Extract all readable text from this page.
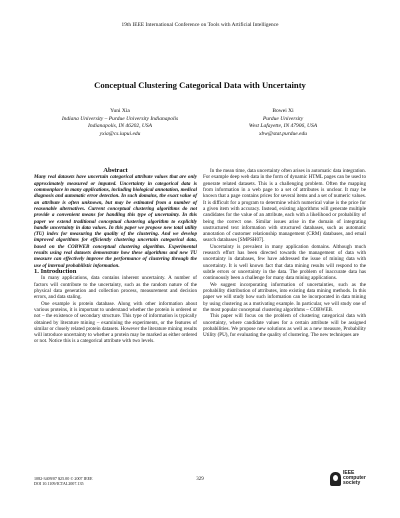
19th IEEE International Conference on Tools with Artificial Intelligence
Conceptual Clustering Categorical Data with Uncertainty
Yuni Xia
Indiana University – Purdue University Indianapolis
Indianapolis, IN 46202, USA
yxia@cs.iupui.edu
Bowei Xi
Purdue University
West Lafayette, IN 47906, USA
xbw@stat.purdue.edu

Abstract

Many real datasets have uncertain categorical attribute values that are only approximately measured or imputed. Uncertainty in categorical data is commonplace in many applications, including biological annotation, medical diagnosis and automatic error detection. In such domains, the exact value of an attribute is often unknown, but may be estimated from a number of reasonable alternatives. Current conceptual clustering algorithms do not provide a convenient means for handling this type of uncertainty. In this paper we extend traditional conceptual clustering algorithm to explicitly handle uncertainty in data values. In this paper we propose new total utility (TU) index for measuring the quality of the clustering. And we develop improved algorithms for efficiently clustering uncertain categorical data, based on the COBWEB conceptual clustering algorithm. Experimental results using real datasets demonstrate how these algorithms and new TU measure can effectively improve the performance of clustering through the use of internal probabilistic information.

1. Introduction

In many applications, data contains inherent uncertainty. A number of factors will contribute to the uncertainty, such as the random nature of the physical data generation and collection process, measurement and decision errors, and data staling.

One example is protein database. Along with other information about various proteins, it is important to understand whether the protein is ordered or not – the existence of secondary structure. This type of information is typically obtained by literature mining – examining the experiments, or the features of similar or closely related protein datasets. However the literature mining results will introduce uncertainty to whether a protein may be marked as either ordered or not. Notice this is a categorical attribute with two levels.

In the mean time, data uncertainty often arises in automatic data integration. For example deep web data in the form of dynamic HTML pages can be used to generate related datasets. This is a challenging problem. Often the mapping from information in a web page to a set of attributes is unclear. It may be known that a page contains prices for several items and a set of numeric values. It is difficult for a program to determine which numerical value is the price for a given item with accuracy. Instead, existing algorithms will generate multiple candidates for the value of an attribute, each with a likelihood or probability of being the correct one. Similar issues arise in the domain of integrating unstructured text information with structured databases, such as automatic annotation of customer relationship management (CRM) databases, and email search databases [SMPSH07].

Uncertainty is prevalent in many application domains. Although much research effort has been directed towards the management of data with uncertainty in databases, few have addressed the issue of mining data with uncertainty. It is well known fact that data mining results will respond to the subtle errors or uncertainty in the data. The problem of inaccurate data has continuously been a challenge for many data mining applications.

We suggest incorporating information of uncertainties, such as the probability distribution of attributes, into existing data mining methods. In this paper we will study how such information can be incorporated in data mining by using clustering as a motivating example. In particular, we will study one of the most popular conceptual clustering algorithms – COBWEB.

This paper will focus on the problem of clustering categorical data with uncertainty, where candidate values for a certain attribute will be assigned probabilities. We propose new solutions as well as a new measure, Probability Utility (PU), for evaluating the quality of clustering. The new techniques are

1082-3409/07 $25.00 © 2007 IEEE
DOI 10.1109/ICTAI.2007.135
329
IEEE
computer
society
